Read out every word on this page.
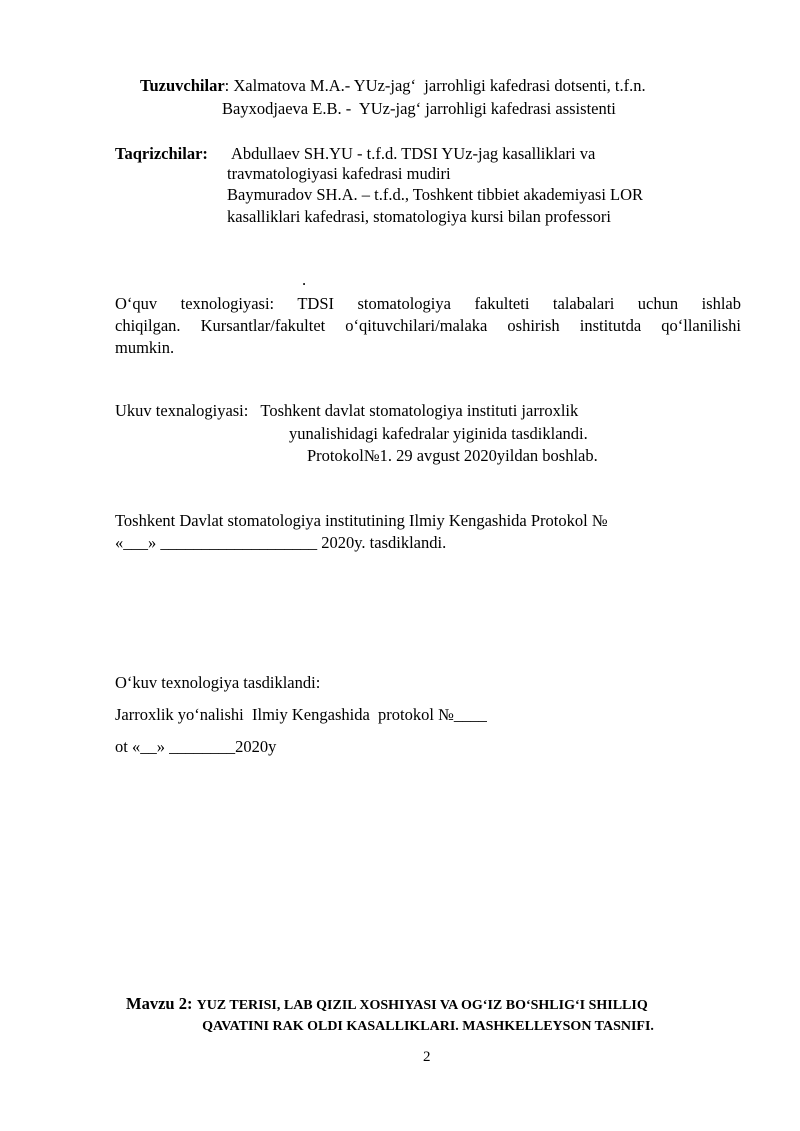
Tuzuvchilar: Xalmatova M.A.- YUz-jag‘  jarrohligi kafedrasi dotsenti, t.f.n.
Bayxodjaeva E.B. -  YUz-jag‘ jarrohligi kafedrasi assistenti
Taqrizchilar: Abdullaev SH.YU - t.f.d. TDSI YUz-jag kasalliklari va
travmatologiyasi kafedrasi mudiri
Baymuradov SH.A. – t.f.d., Toshkent tibbiet akademiyasi LOR
kasalliklari kafedrasi, stomatologiya kursi bilan professori
.
O‘quv texnologiyasi: TDSI stomatologiya fakulteti talabalari uchun ishlab
chiqilgan. Kursantlar/fakultet o‘qituvchilari/malaka oshirish institutda qo‘llanilishi
mumkin.
Ukuv texnalogiyasi:   Toshkent davlat stomatologiya instituti jarroxlik
yunalishidagi kafedralar yiginida tasdiklandi.
Protokol№1. 29 avgust 2020yildan boshlab.
Toshkent Davlat stomatologiya institutining Ilmiy Kengashida Protokol №
«___» ___________________ 2020y. tasdiklandi.
O‘kuv texnologiya tasdiklandi:
Jarroxlik yo‘nalishi  Ilmiy Kengashida  protokol №____
ot «__» ________2020y
Mavzu 2: YUZ TERISI, LAB QIZIL XOSHIYASI VA OG‘IZ BO‘SHLIG‘I SHILLIQ
QAVATINI RAK OLDI KASALLIKLARI. MASHKELLEYSON TASNIFI.
2
